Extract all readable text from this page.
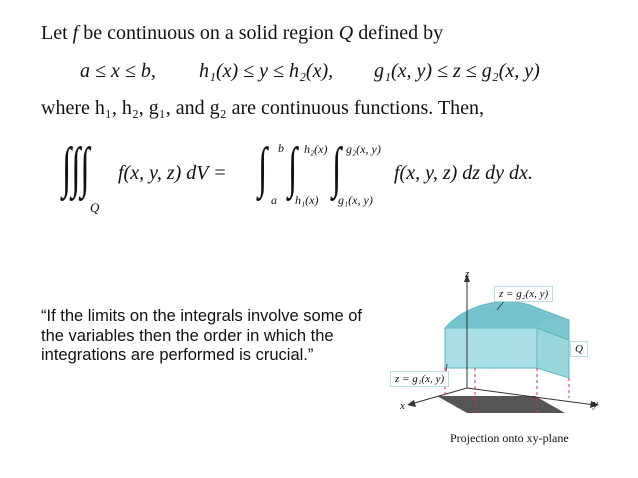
Let f be continuous on a solid region Q defined by
a ≤ x ≤ b, h₁(x) ≤ y ≤ h₂(x), g₁(x, y) ≤ z ≤ g₂(x, y)
where h₁, h₂, g₁, and g₂ are continuous functions. Then,
∫∫∫
Q
f(x, y, z) dV = ∫ b
a
∫ h₂(x)
h₁(x)
∫ g₂(x, y)
g₁(x, y)
f(x, y, z) dz dy dx.
“If the limits on the integrals involve some of the variables then the order in which the integrations are performed is crucial.”
z
x	y
z = g₂(x, y)
z = g₁(x, y)
Q
Projection onto xy-plane
